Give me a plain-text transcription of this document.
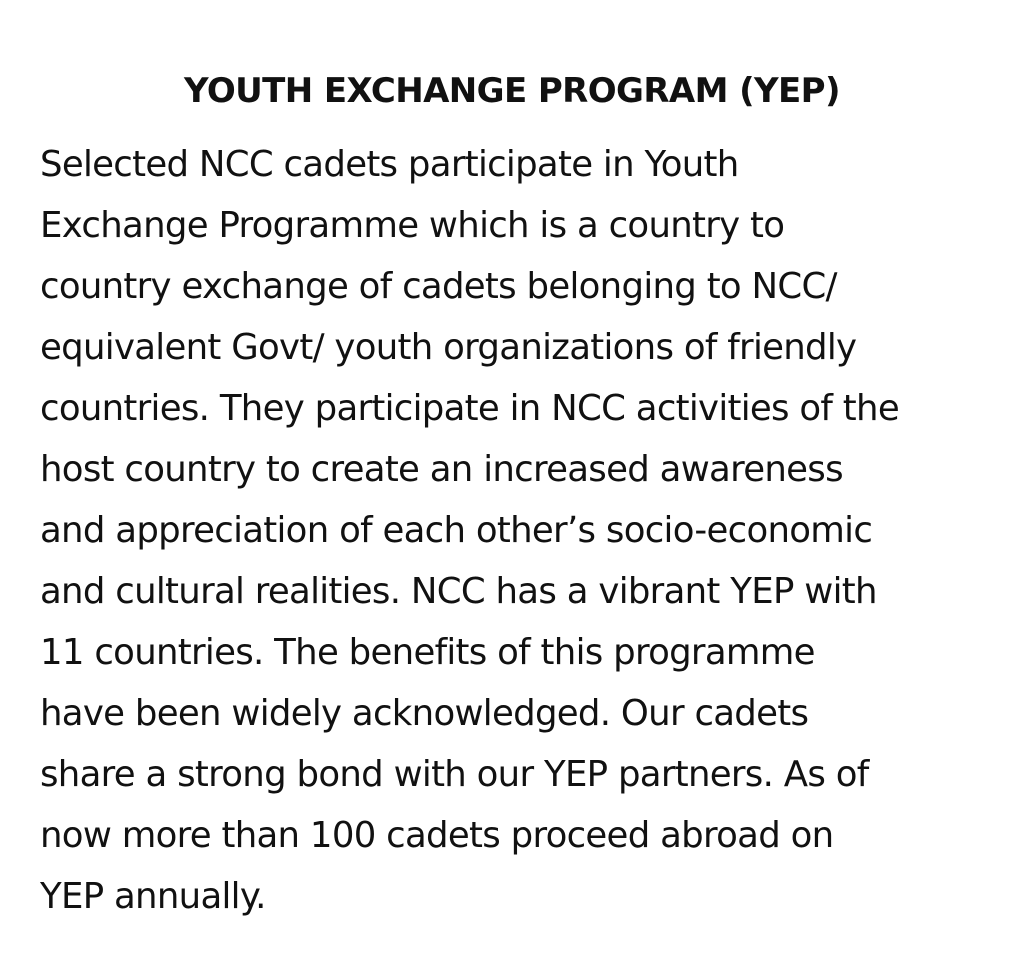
YOUTH EXCHANGE PROGRAM (YEP)
Selected NCC cadets participate in Youth
Exchange Programme which is a country to
country exchange of cadets belonging to NCC/
equivalent Govt/ youth organizations of friendly
countries. They participate in NCC activities of the
host country to create an increased awareness
and appreciation of each other’s socio-economic
and cultural realities. NCC has a vibrant YEP with
11 countries. The benefits of this programme
have been widely acknowledged. Our cadets
share a strong bond with our YEP partners. As of
now more than 100 cadets proceed abroad on
YEP annually.
